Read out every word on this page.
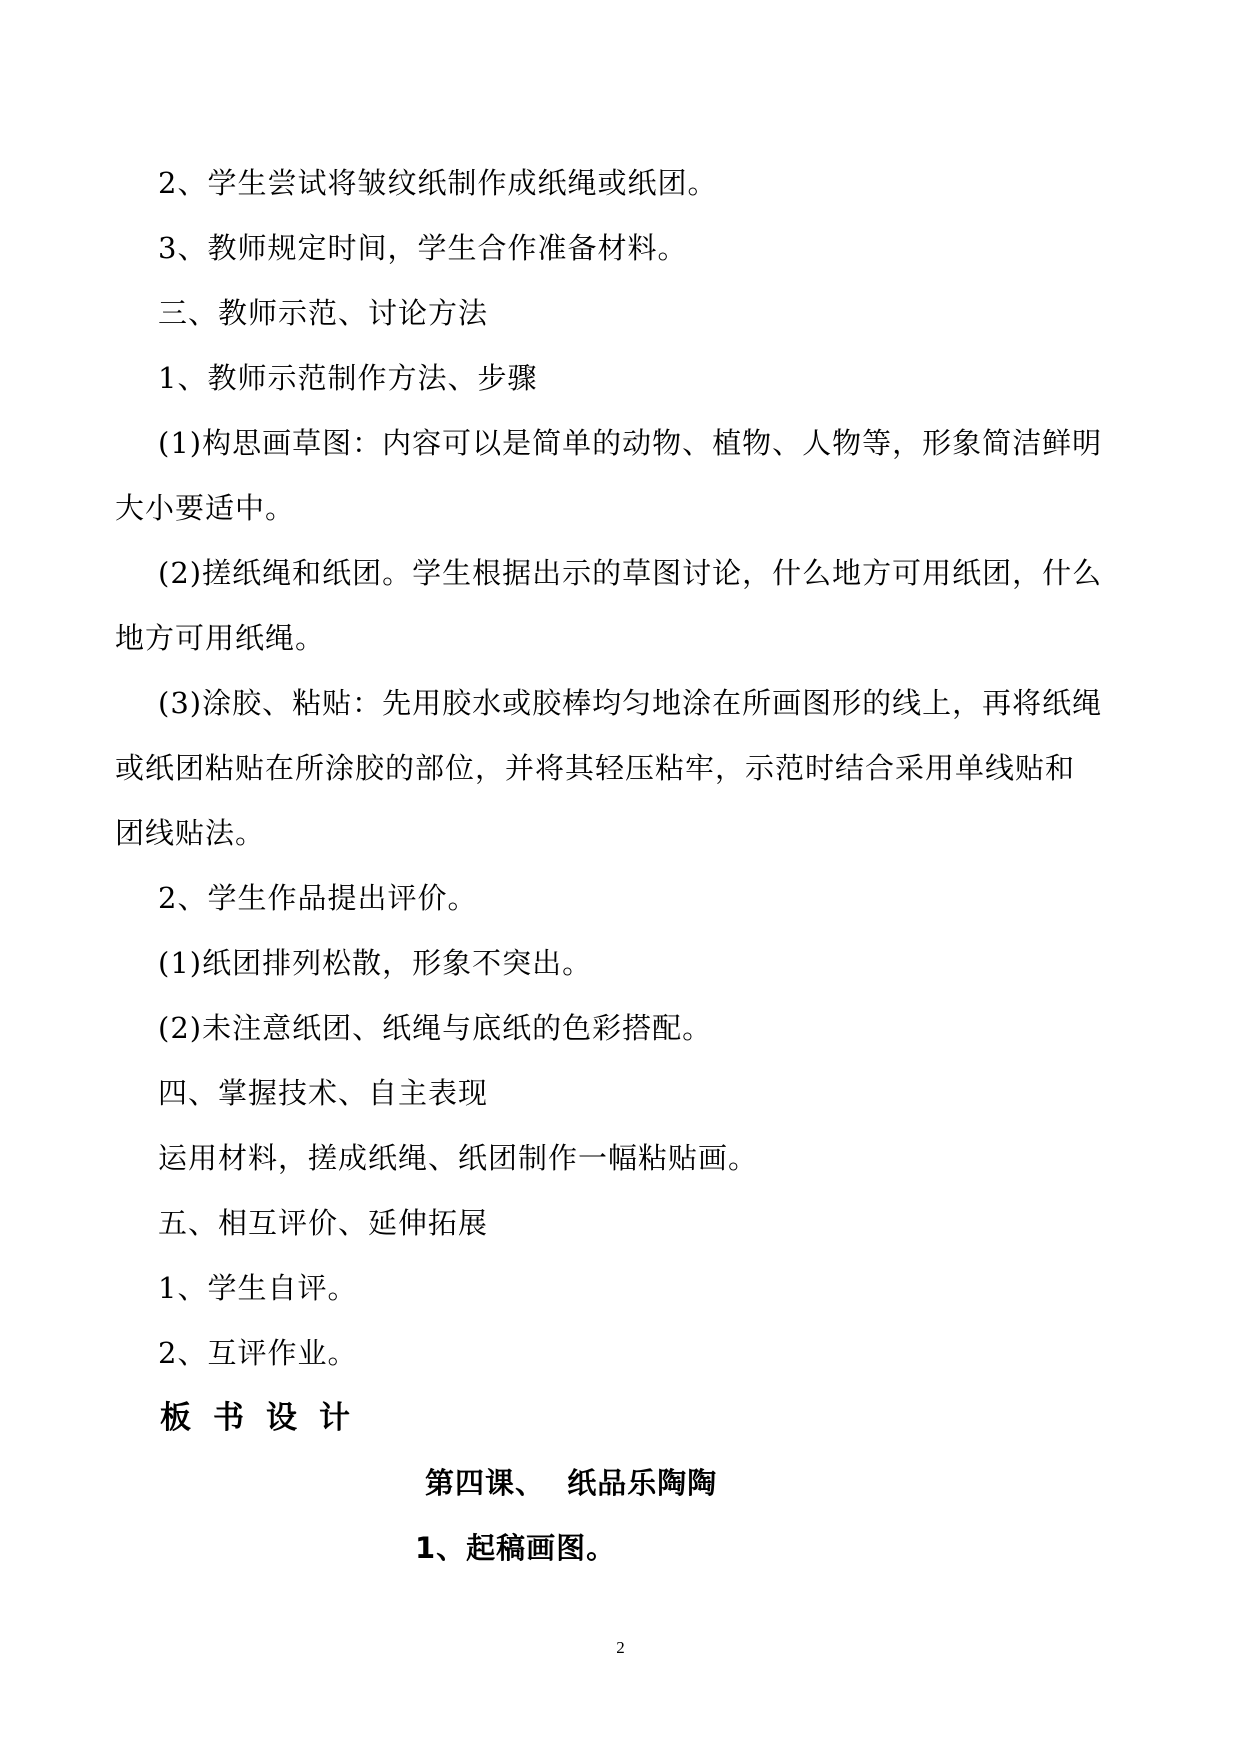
2、学生尝试将皱纹纸制作成纸绳或纸团。
3、教师规定时间，学生合作准备材料。
三、教师示范、讨论方法
1、教师示范制作方法、步骤
(1)构思画草图：内容可以是简单的动物、植物、人物等，形象简洁鲜明
大小要适中。
(2)搓纸绳和纸团。学生根据出示的草图讨论，什么地方可用纸团，什么
地方可用纸绳。
(3)涂胶、粘贴：先用胶水或胶棒均匀地涂在所画图形的线上，再将纸绳
或纸团粘贴在所涂胶的部位，并将其轻压粘牢，示范时结合采用单线贴和
团线贴法。
2、学生作品提出评价。
(1)纸团排列松散，形象不突出。
(2)未注意纸团、纸绳与底纸的色彩搭配。
四、掌握技术、自主表现
运用材料，搓成纸绳、纸团制作一幅粘贴画。
五、相互评价、延伸拓展
1、学生自评。
2、互评作业。
板书设计
第四课、  纸品乐陶陶
1、起稿画图。
2
